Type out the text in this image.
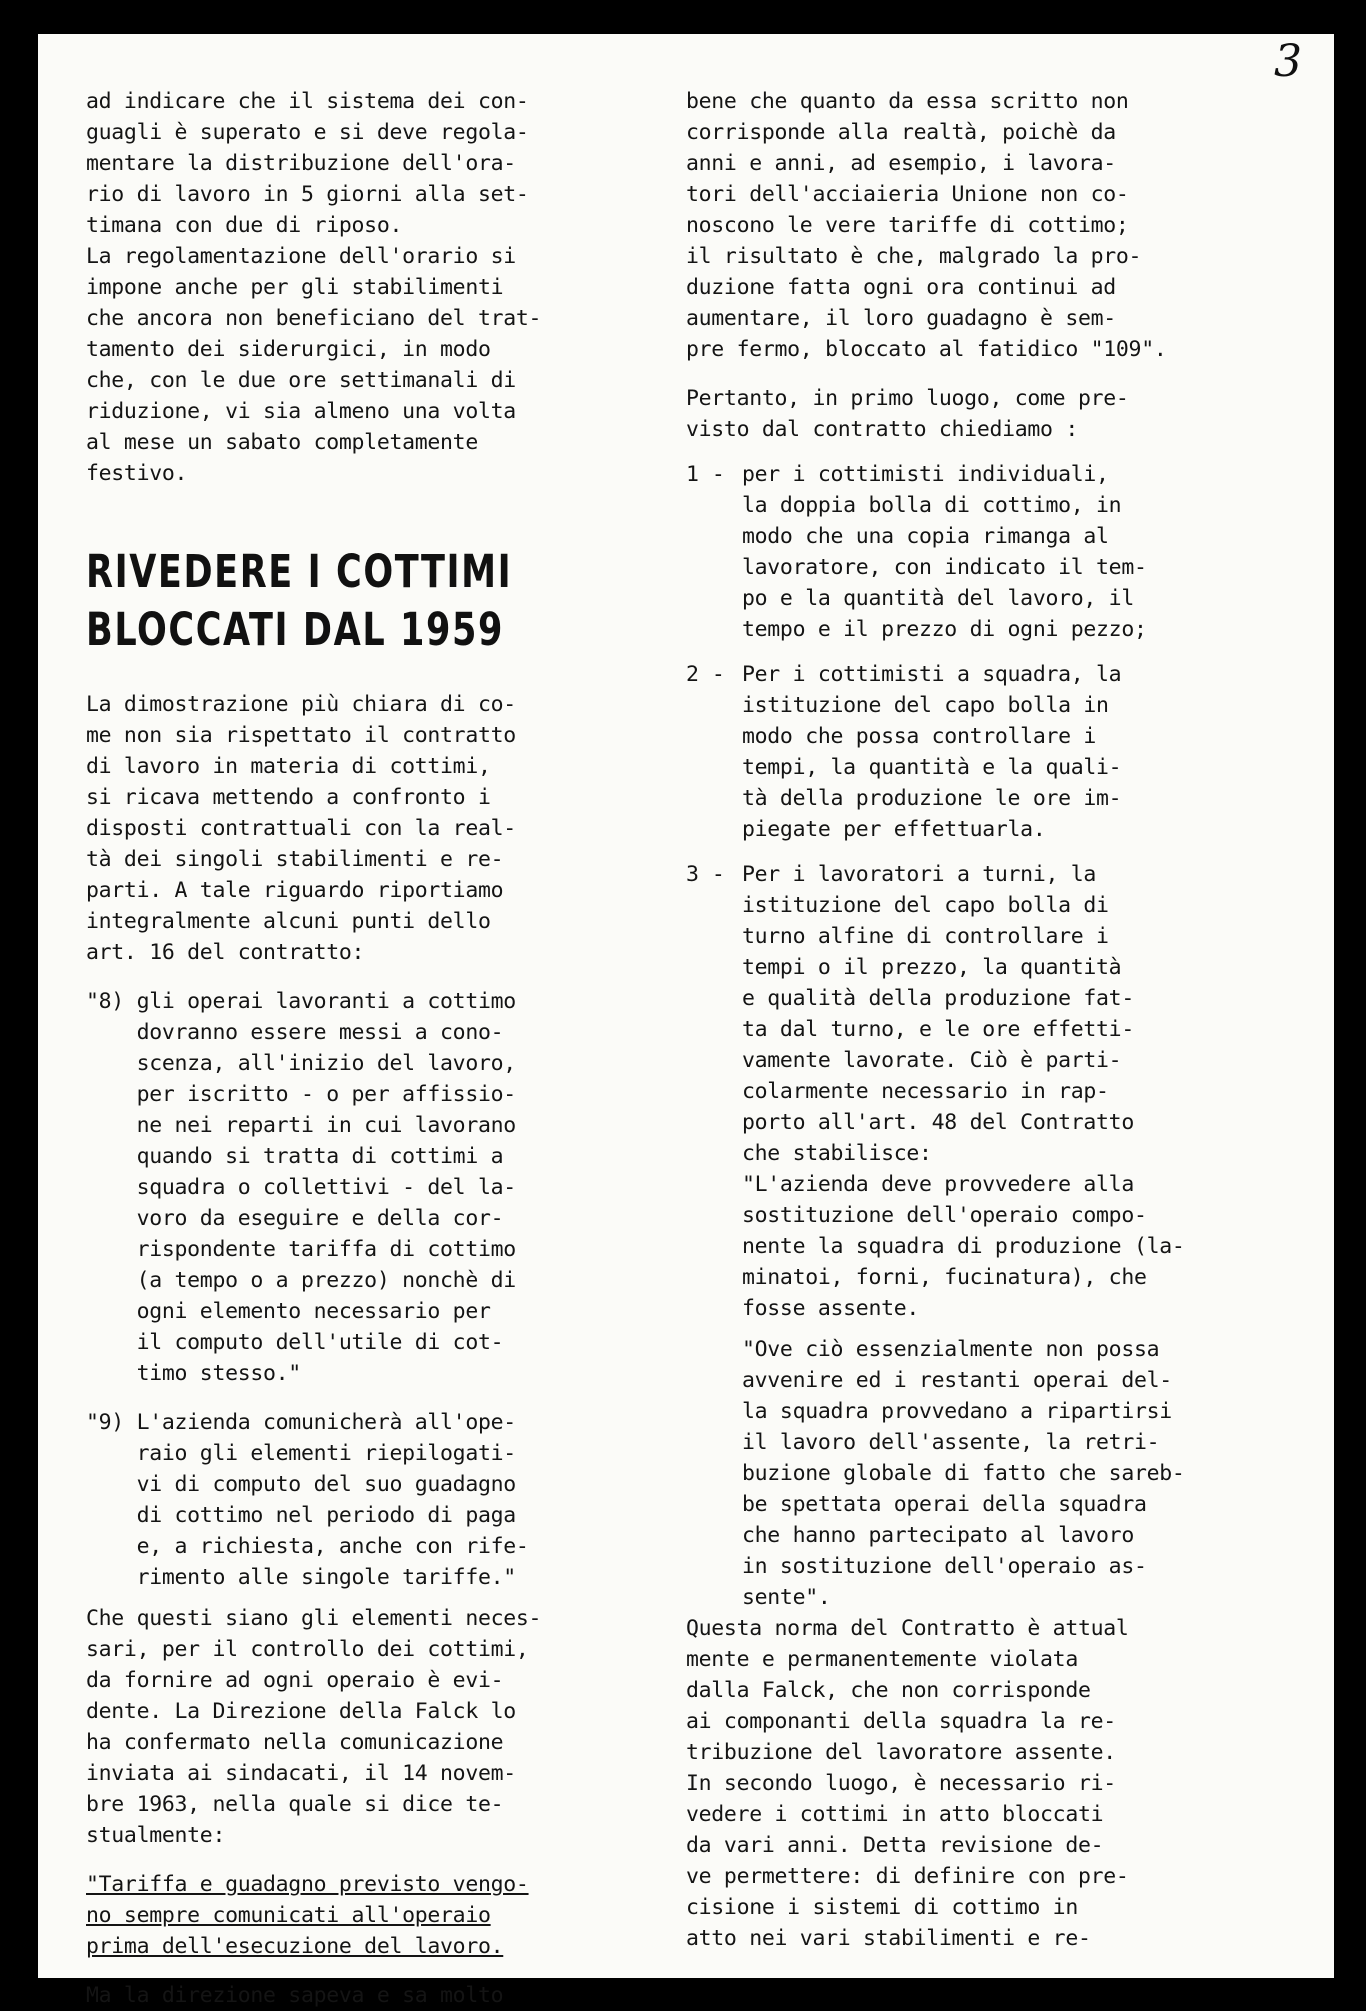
3

ad indicare che il sistema dei con-
guagli è superato e si deve regola-
mentare la distribuzione dell'ora-
rio di lavoro in 5 giorni alla set-
timana con due di riposo.
La regolamentazione dell'orario si
impone anche per gli stabilimenti
che ancora non beneficiano del trat-
tamento dei siderurgici, in modo
che, con le due ore settimanali di
riduzione, vi sia almeno una volta
al mese un sabato completamente
festivo.

RIVEDERE I COTTIMI
BLOCCATI DAL 1959

La dimostrazione più chiara di co-
me non sia rispettato il contratto
di lavoro in materia di cottimi,
si ricava mettendo a confronto i
disposti contrattuali con la real-
tà dei singoli stabilimenti e re-
parti. A tale riguardo riportiamo
integralmente alcuni punti dello
art. 16 del contratto:

"8) gli operai lavoranti a cottimo
dovranno essere messi a cono-
scenza, all'inizio del lavoro,
per iscritto - o per affissio-
ne nei reparti in cui lavorano
quando si tratta di cottimi a
squadra o collettivi - del la-
voro da eseguire e della cor-
rispondente tariffa di cottimo
(a tempo o a prezzo) nonchè di
ogni elemento necessario per
il computo dell'utile di cot-
timo stesso."

"9) L'azienda comunicherà all'ope-
raio gli elementi riepilogati-
vi di computo del suo guadagno
di cottimo nel periodo di paga
e, a richiesta, anche con rife-
rimento alle singole tariffe."

Che questi siano gli elementi neces-
sari, per il controllo dei cottimi,
da fornire ad ogni operaio è evi-
dente. La Direzione della Falck lo
ha confermato nella comunicazione
inviata ai sindacati, il 14 novem-
bre 1963, nella quale si dice te-
stualmente:

"Tariffa e guadagno previsto vengo-
no sempre comunicati all'operaio
prima dell'esecuzione del lavoro.

Ma la direzione sapeva e sa molto

bene che quanto da essa scritto non
corrisponde alla realtà, poichè da
anni e anni, ad esempio, i lavora-
tori dell'acciaieria Unione non co-
noscono le vere tariffe di cottimo;
il risultato è che, malgrado la pro-
duzione fatta ogni ora continui ad
aumentare, il loro guadagno è sem-
pre fermo, bloccato al fatidico "109".

Pertanto, in primo luogo, come pre-
visto dal contratto chiediamo :

1 - per i cottimisti individuali,
la doppia bolla di cottimo, in
modo che una copia rimanga al
lavoratore, con indicato il tem-
po e la quantità del lavoro, il
tempo e il prezzo di ogni pezzo;

2 - Per i cottimisti a squadra, la
istituzione del capo bolla in
modo che possa controllare i
tempi, la quantità e la quali-
tà della produzione le ore im-
piegate per effettuarla.

3 - Per i lavoratori a turni, la
istituzione del capo bolla di
turno alfine di controllare i
tempi o il prezzo, la quantità
e qualità della produzione fat-
ta dal turno, e le ore effetti-
vamente lavorate. Ciò è parti-
colarmente necessario in rap-
porto all'art. 48 del Contratto
che stabilisce:

"L'azienda deve provvedere alla
sostituzione dell'operaio compo-
nente la squadra di produzione (la-
minatoi, forni, fucinatura), che
fosse assente.

"Ove ciò essenzialmente non possa
avvenire ed i restanti operai del-
la squadra provvedano a ripartirsi
il lavoro dell'assente, la retri-
buzione globale di fatto che sareb-
be spettata operai della squadra
che hanno partecipato al lavoro
in sostituzione dell'operaio as-
sente".

Questa norma del Contratto è attual
mente e permanentemente violata
dalla Falck, che non corrisponde
ai componanti della squadra la re-
tribuzione del lavoratore assente.
In secondo luogo, è necessario ri-
vedere i cottimi in atto bloccati
da vari anni. Detta revisione de-
ve permettere: di definire con pre-
cisione i sistemi di cottimo in
atto nei vari stabilimenti e re-
